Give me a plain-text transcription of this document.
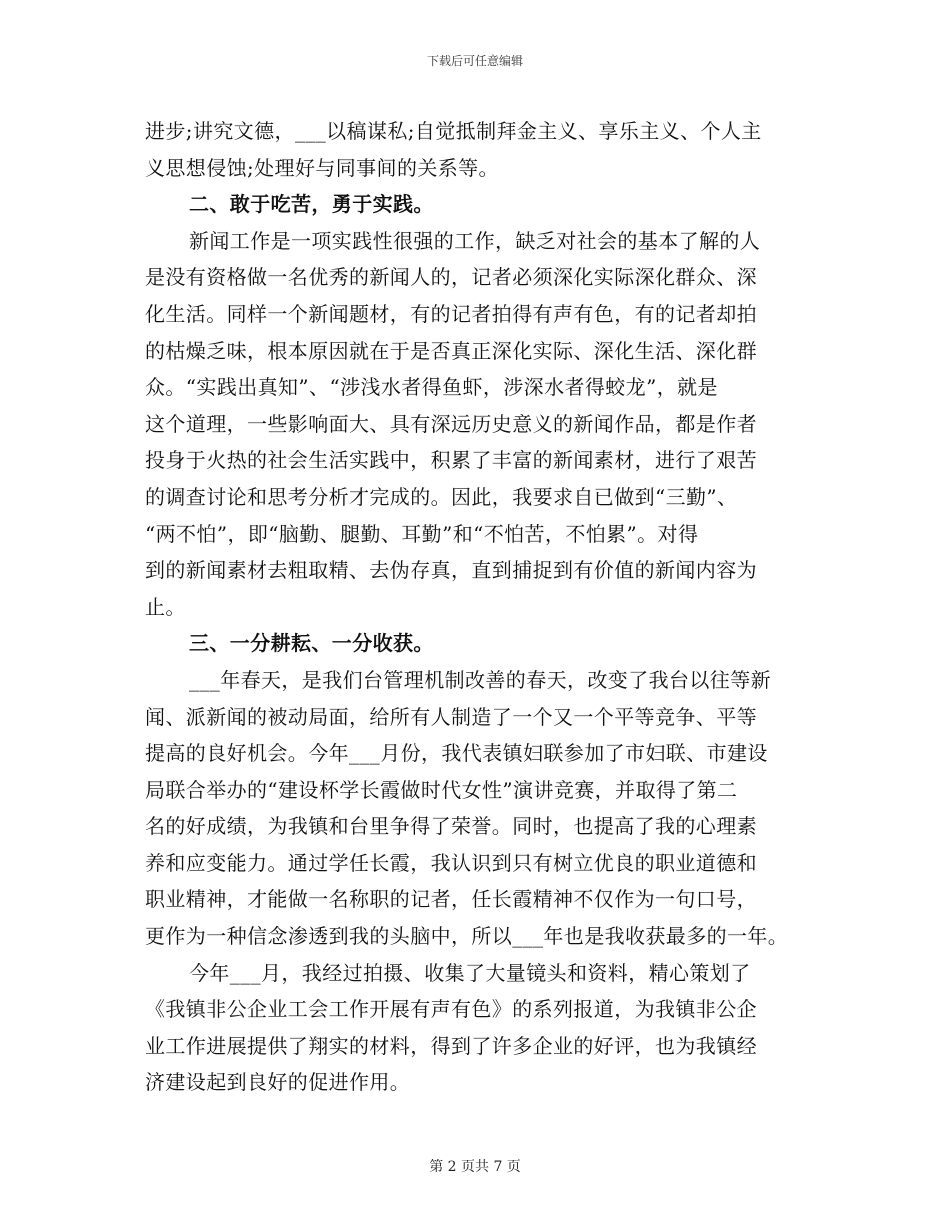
下载后可任意编辑
进步;讲究文德，___以稿谋私;自觉抵制拜金主义、享乐主义、个人主
义思想侵蚀;处理好与同事间的关系等。
二、敢于吃苦，勇于实践。
新闻工作是一项实践性很强的工作，缺乏对社会的基本了解的人
是没有资格做一名优秀的新闻人的，记者必须深化实际深化群众、深
化生活。同样一个新闻题材，有的记者拍得有声有色，有的记者却拍
的枯燥乏味，根本原因就在于是否真正深化实际、深化生活、深化群
众。“实践出真知”、“涉浅水者得鱼虾，涉深水者得蛟龙”，就是
这个道理，一些影响面大、具有深远历史意义的新闻作品，都是作者
投身于火热的社会生活实践中，积累了丰富的新闻素材，进行了艰苦
的调查讨论和思考分析才完成的。因此，我要求自已做到“三勤”、
“两不怕”，即“脑勤、腿勤、耳勤”和“不怕苦，不怕累”。对得
到的新闻素材去粗取精、去伪存真，直到捕捉到有价值的新闻内容为
止。
三、一分耕耘、一分收获。
___年春天，是我们台管理机制改善的春天，改变了我台以往等新
闻、派新闻的被动局面，给所有人制造了一个又一个平等竞争、平等
提高的良好机会。今年___月份，我代表镇妇联参加了市妇联、市建设
局联合举办的“建设杯学长霞做时代女性”演讲竞赛，并取得了第二
名的好成绩，为我镇和台里争得了荣誉。同时，也提高了我的心理素
养和应变能力。通过学任长霞，我认识到只有树立优良的职业道德和
职业精神，才能做一名称职的记者，任长霞精神不仅作为一句口号，
更作为一种信念渗透到我的头脑中，所以___年也是我收获最多的一年。
今年___月，我经过拍摄、收集了大量镜头和资料，精心策划了
《我镇非公企业工会工作开展有声有色》的系列报道，为我镇非公企
业工作进展提供了翔实的材料，得到了许多企业的好评，也为我镇经
济建设起到良好的促进作用。
第 2 页共 7 页
